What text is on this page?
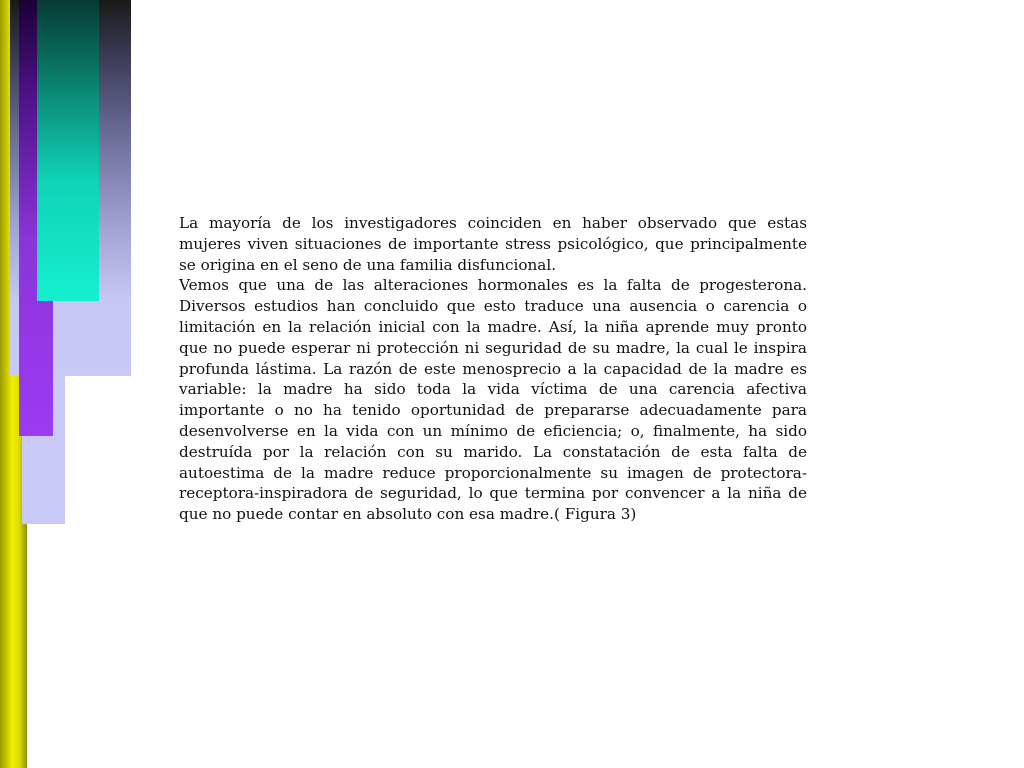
La mayoría de los investigadores coinciden en haber observado que estas mujeres viven situaciones de importante stress psicológico, que principalmente se origina en el seno de una familia disfuncional.

Vemos que una de las alteraciones hormonales es la falta de progesterona. Diversos estudios han concluido que esto traduce una ausencia o carencia o limitación en la relación inicial con la madre. Así, la niña aprende muy pronto que no puede esperar ni protección ni seguridad de su madre, la cual le inspira profunda lástima. La razón de este menosprecio a la capacidad de la madre es variable: la madre ha sido toda la vida víctima de una carencia afectiva importante o no ha tenido oportunidad de prepararse adecuadamente para desenvolverse en la vida con un mínimo de eficiencia; o, finalmente, ha sido destruída por la relación con su marido. La constatación de esta falta de autoestima de la madre reduce proporcionalmente su imagen de protectora-receptora-inspiradora de seguridad, lo que termina por convencer a la niña de que no puede contar en absoluto con esa madre.( Figura 3)
